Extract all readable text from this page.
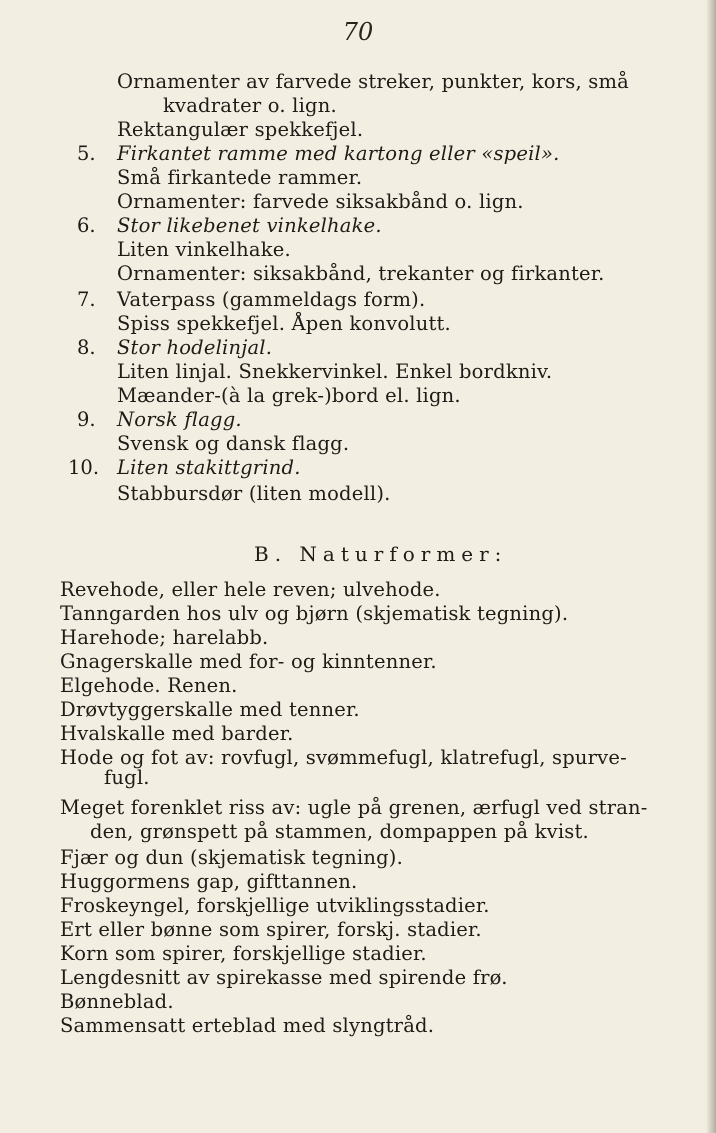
70
Ornamenter av farvede streker, punkter, kors, små
kvadrater o. lign.
Rektangulær spekkefjel.
5. Firkantet ramme med kartong eller «speil».
Små firkantede rammer.
Ornamenter: farvede siksakbånd o. lign.
6. Stor likebenet vinkelhake.
Liten vinkelhake.
Ornamenter: siksakbånd, trekanter og firkanter.
7. Vaterpass (gammeldags form).
Spiss spekkefjel. Åpen konvolutt.
8. Stor hodelinjal.
Liten linjal. Snekkervinkel. Enkel bordkniv.
Mæander-(à la grek-)bord el. lign.
9. Norsk flagg.
Svensk og dansk flagg.
10. Liten stakittgrind.
Stabbursdør (liten modell).
B. Naturformer:
Revehode, eller hele reven; ulvehode.
Tanngarden hos ulv og bjørn (skjematisk tegning).
Harehode; harelabb.
Gnagerskalle med for- og kinntenner.
Elgehode. Renen.
Drøvtyggerskalle med tenner.
Hvalskalle med barder.
Hode og fot av: rovfugl, svømmefugl, klatrefugl, spurve-
fugl.
Meget forenklet riss av: ugle på grenen, ærfugl ved stran-
den, grønspett på stammen, dompappen på kvist.
Fjær og dun (skjematisk tegning).
Huggormens gap, gifttannen.
Froskeyngel, forskjellige utviklingsstadier.
Ert eller bønne som spirer, forskj. stadier.
Korn som spirer, forskjellige stadier.
Lengdesnitt av spirekasse med spirende frø.
Bønneblad.
Sammensatt erteblad med slyngtråd.
